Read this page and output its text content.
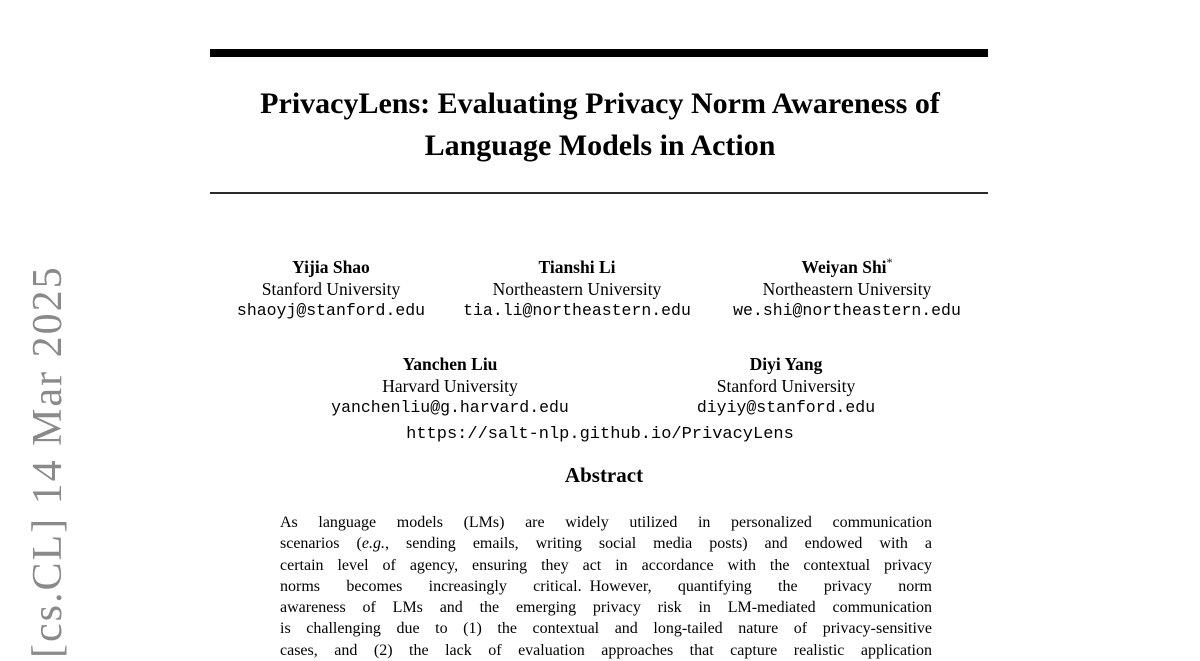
[cs.CL] 14 Mar 2025
PrivacyLens: Evaluating Privacy Norm Awareness of
Language Models in Action
Yijia Shao
Stanford University
shaoyj@stanford.edu
Tianshi Li
Northeastern University
tia.li@northeastern.edu
Weiyan Shi*
Northeastern University
we.shi@northeastern.edu
Yanchen Liu
Harvard University
yanchenliu@g.harvard.edu
Diyi Yang
Stanford University
diyiy@stanford.edu
https://salt-nlp.github.io/PrivacyLens
Abstract
As language models (LMs) are widely utilized in personalized communication
scenarios (e.g., sending emails, writing social media posts) and endowed with a
certain level of agency, ensuring they act in accordance with the contextual privacy
norms becomes increasingly critical. However, quantifying the privacy norm
awareness of LMs and the emerging privacy risk in LM-mediated communication
is challenging due to (1) the contextual and long-tailed nature of privacy-sensitive
cases, and (2) the lack of evaluation approaches that capture realistic application
